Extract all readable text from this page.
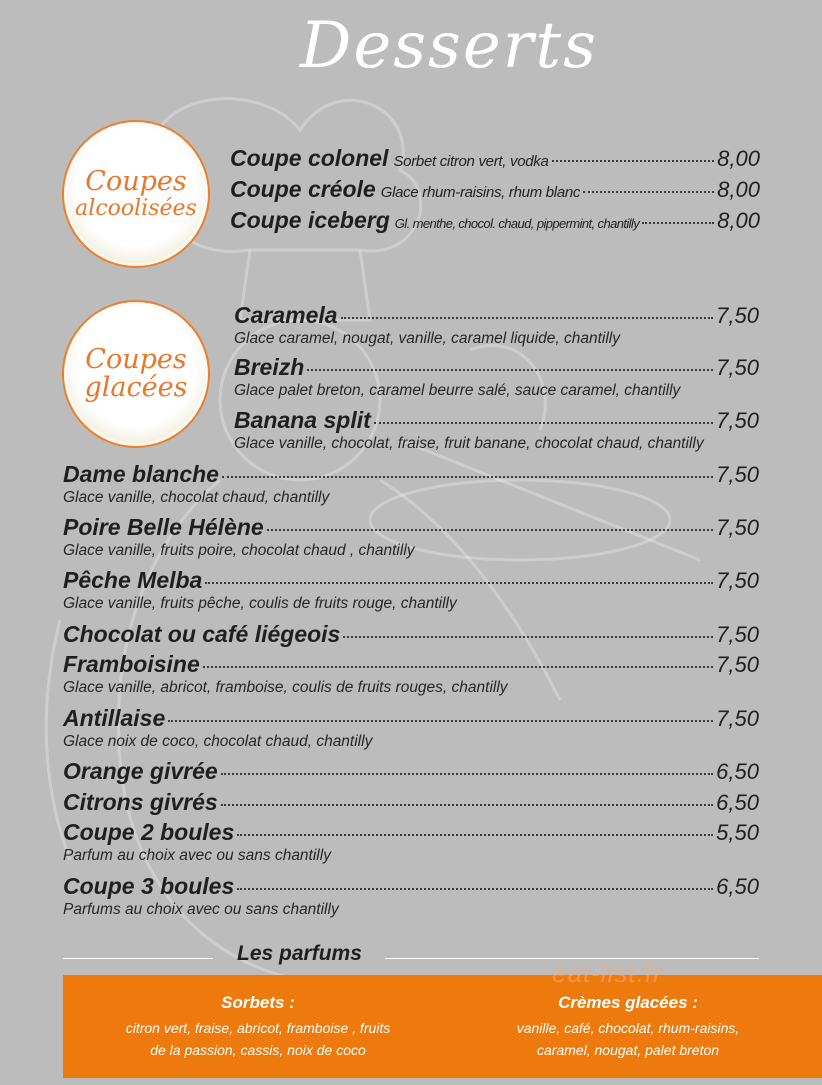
Desserts
Coupes
alcoolisées
Coupes
glacées
Coupe colonel Sorbet citron vert, vodka	8,00
Coupe créole Glace rhum-raisins, rhum blanc	8,00
Coupe iceberg Gl. menthe, chocol. chaud, pippermint, chantilly	8,00
Caramela	7,50
Glace caramel, nougat, vanille, caramel liquide, chantilly
Breizh	7,50
Glace palet breton, caramel beurre salé, sauce caramel, chantilly
Banana split	7,50
Glace vanille, chocolat, fraise, fruit banane, chocolat chaud, chantilly
Dame blanche	7,50
Glace vanille, chocolat chaud, chantilly
Poire Belle Hélène	7,50
Glace vanille, fruits poire, chocolat chaud , chantilly
Pêche Melba	7,50
Glace vanille, fruits pêche, coulis de fruits rouge, chantilly
Chocolat ou café liégeois	7,50
Framboisine	7,50
Glace vanille, abricot, framboise, coulis de fruits rouges, chantilly
Antillaise	7,50
Glace noix de coco, chocolat chaud, chantilly
Orange givrée	6,50
Citrons givrés	6,50
Coupe 2 boules	5,50
Parfum au choix avec ou sans chantilly
Coupe 3 boules	6,50
Parfums au choix avec ou sans chantilly
Les parfums
Sorbets :
citron vert, fraise, abricot, framboise , fruits
de la passion, cassis, noix de coco
Crèmes glacées :
vanille, café, chocolat, rhum-raisins,
caramel, nougat, palet breton
eat-list.fr
